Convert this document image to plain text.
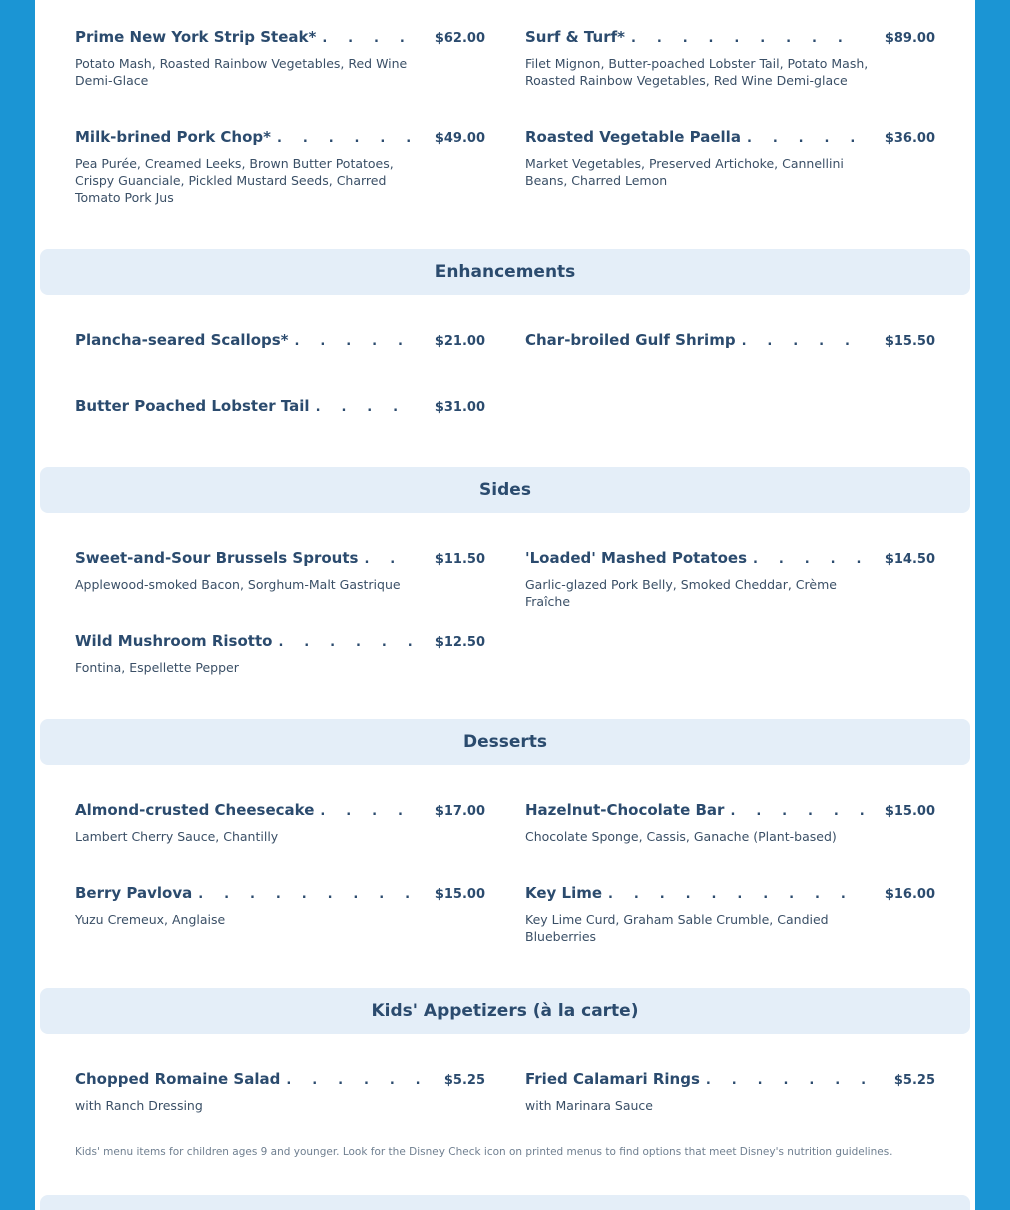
Prime New York Strip Steak* . . .	$62.00
Potato Mash, Roasted Rainbow Vegetables, Red Wine Demi-Glace
Surf & Turf* . . .	$89.00
Filet Mignon, Butter-poached Lobster Tail, Potato Mash, Roasted Rainbow Vegetables, Red Wine Demi-glace
Milk-brined Pork Chop* . . .	$49.00
Pea Purée, Creamed Leeks, Brown Butter Potatoes, Crispy Guanciale, Pickled Mustard Seeds, Charred Tomato Pork Jus
Roasted Vegetable Paella . . .	$36.00
Market Vegetables, Preserved Artichoke, Cannellini Beans, Charred Lemon
Enhancements
Plancha-seared Scallops* . . .	$21.00	Char-broiled Gulf Shrimp . . .	$15.50
Butter Poached Lobster Tail . . .	$31.00
Sides
Sweet-and-Sour Brussels Sprouts . . .	$11.50
Applewood-smoked Bacon, Sorghum-Malt Gastrique
'Loaded' Mashed Potatoes . . .	$14.50
Garlic-glazed Pork Belly, Smoked Cheddar, Crème Fraîche
Wild Mushroom Risotto . . .	$12.50
Fontina, Espellette Pepper
Desserts
Almond-crusted Cheesecake . . .	$17.00
Lambert Cherry Sauce, Chantilly
Hazelnut-Chocolate Bar . . .	$15.00
Chocolate Sponge, Cassis, Ganache (Plant-based)
Berry Pavlova . . .	$15.00
Yuzu Cremeux, Anglaise
Key Lime . . .	$16.00
Key Lime Curd, Graham Sable Crumble, Candied Blueberries
Kids' Appetizers (à la carte)
Chopped Romaine Salad . . .	$5.25
with Ranch Dressing
Fried Calamari Rings . . .	$5.25
with Marinara Sauce
Kids' menu items for children ages 9 and younger. Look for the Disney Check icon on printed menus to find options that meet Disney's nutrition guidelines.
